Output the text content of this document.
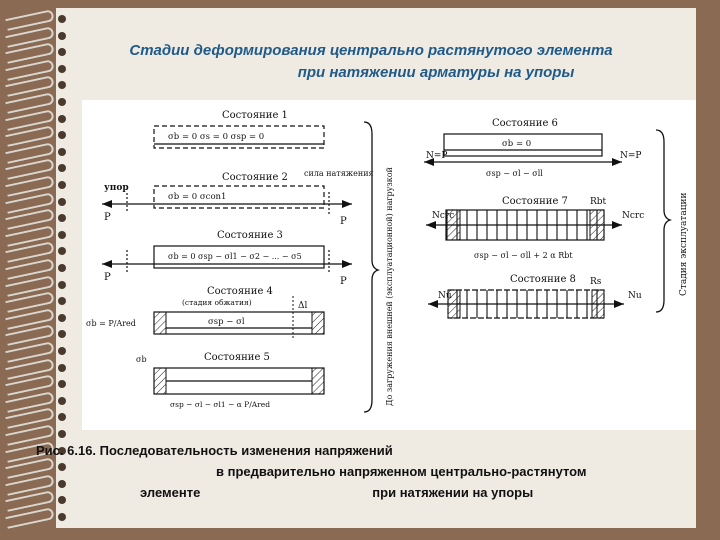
Стадии деформирования центрально растянутого элемента
при натяжении арматуры на упоры
Состояние 1
σb = 0 σs = 0 σsp = 0
Состояние 2
σb = 0 σcon1
упор
P
сила натяжения
P
Состояние 3
σb = 0 σsp − σl1 − σ2 − ... − σ5
P	P
Состояние 4
(стадия обжатия)
σsp − σl
σb = P/Ared
Δl
Состояние 5
σsp − σl − σl1 − α P/Ared
σb	До загружения внешней (эксплуатационной) нагрузкой
Состояние 6
σb = 0
σsp − σl − σll
N=P	N=P
Состояние 7
Ncrc	Ncrc
Rbt
σsp − σl − σll + 2 α Rbt
Состояние 8
Nu	Nu
Rs	Стадия эксплуатации
Рис. 6.16. Последовательность изменения напряжений
в предварительно напряженном центрально-растянутом
элементе	при натяжении на упоры
